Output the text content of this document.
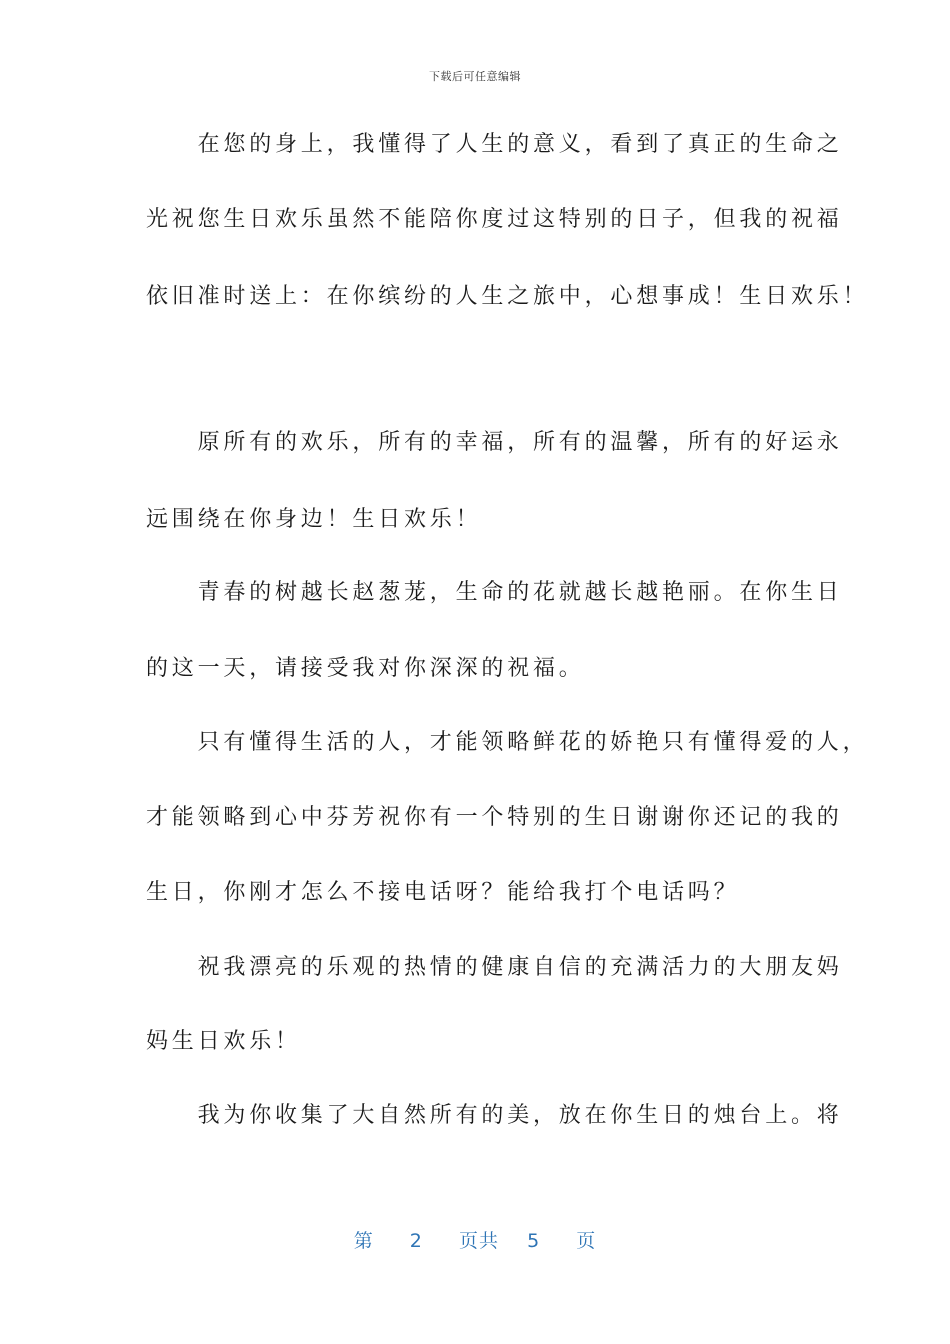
下载后可任意编辑
　　在您的身上，我懂得了人生的意义，看到了真正的生命之
光祝您生日欢乐虽然不能陪你度过这特别的日子，但我的祝福
依旧准时送上：在你缤纷的人生之旅中，心想事成！生日欢乐！
　　原所有的欢乐，所有的幸福，所有的温馨，所有的好运永
远围绕在你身边！生日欢乐！
　　青春的树越长赵葱茏，生命的花就越长越艳丽。在你生日
的这一天，请接受我对你深深的祝福。
　　只有懂得生活的人，才能领略鲜花的娇艳只有懂得爱的人，
才能领略到心中芬芳祝你有一个特别的生日谢谢你还记的我的
生日，你刚才怎么不接电话呀？能给我打个电话吗？
　　祝我漂亮的乐观的热情的健康自信的充满活力的大朋友妈
妈生日欢乐！
　　我为你收集了大自然所有的美，放在你生日的烛台上。将
第 2 页共 5 页
